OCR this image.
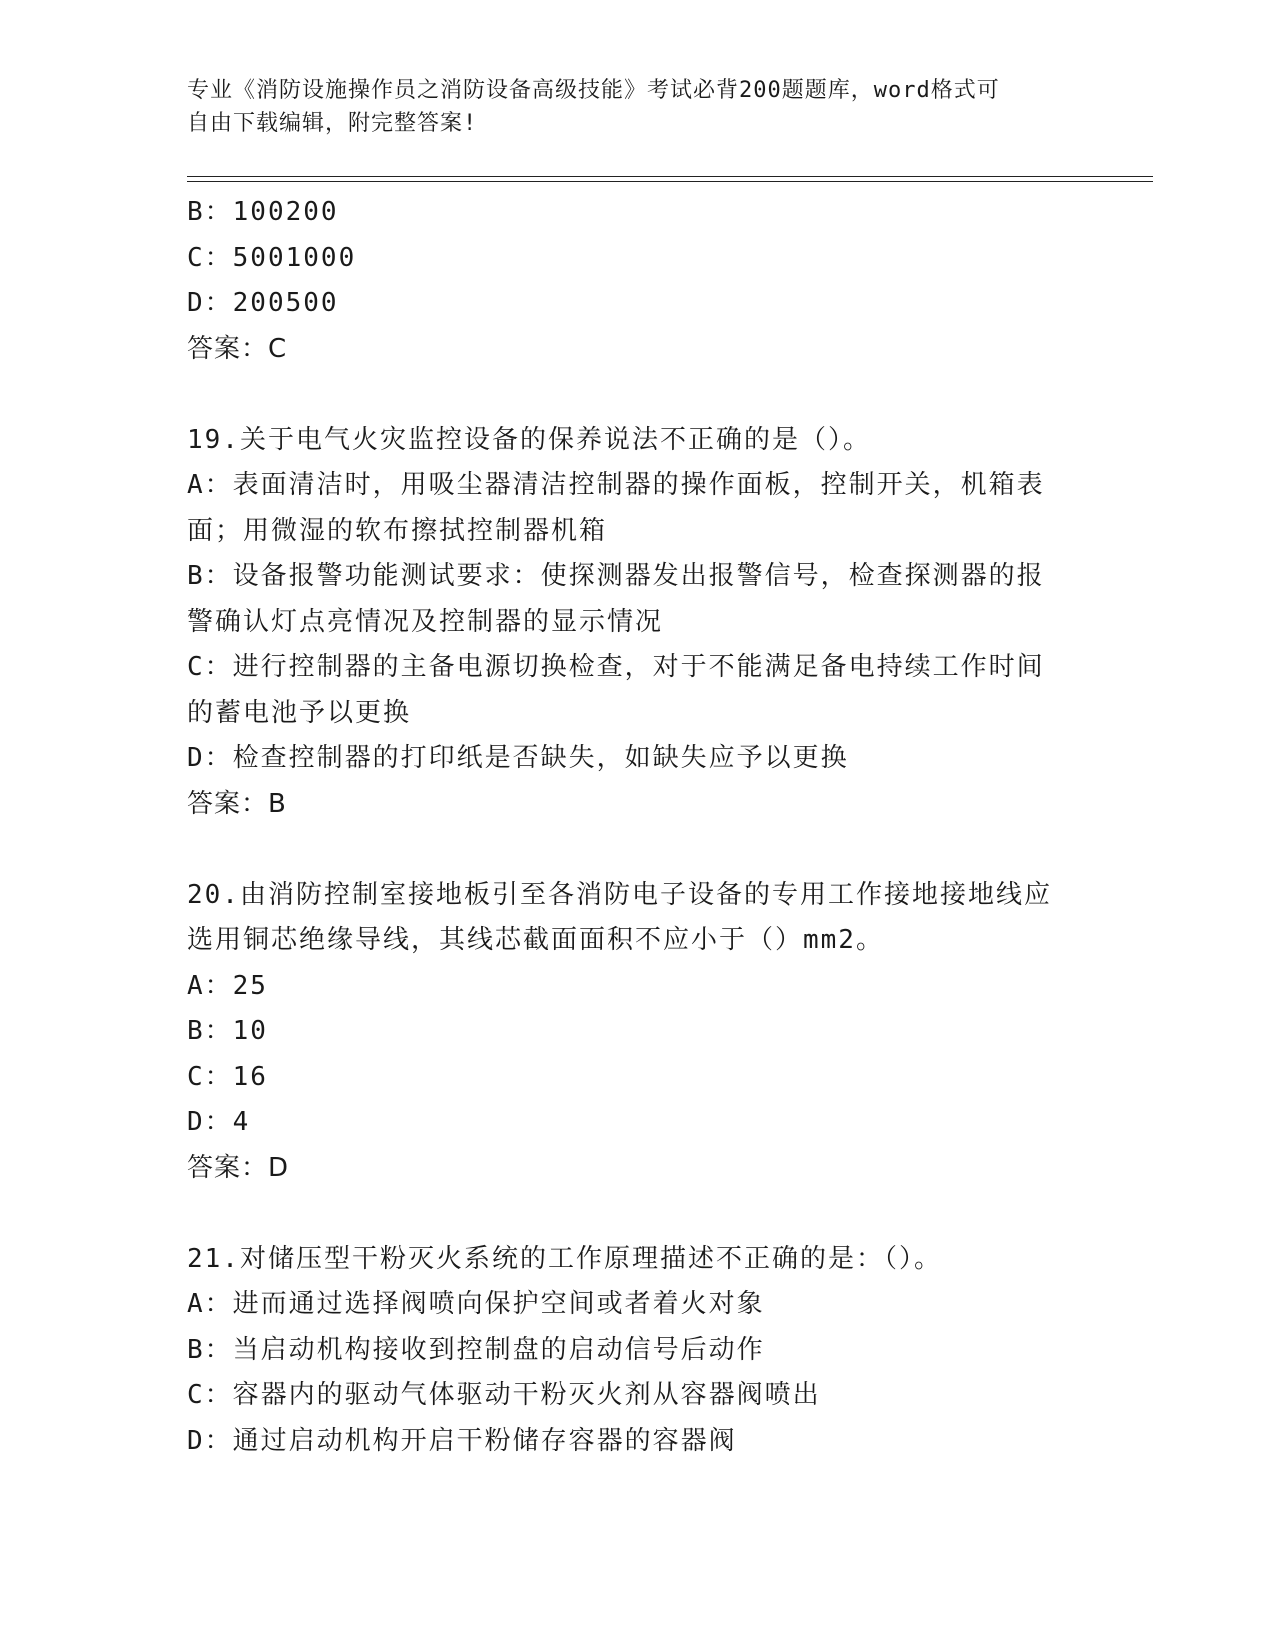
专业《消防设施操作员之消防设备高级技能》考试必背200题题库，word格式可
自由下载编辑，附完整答案!
B：100200
C：5001000
D：200500
答案：C
19.关于电气火灾监控设备的保养说法不正确的是（）。
A：表面清洁时，用吸尘器清洁控制器的操作面板，控制开关，机箱表
面；用微湿的软布擦拭控制器机箱
B：设备报警功能测试要求：使探测器发出报警信号，检查探测器的报
警确认灯点亮情况及控制器的显示情况
C：进行控制器的主备电源切换检查，对于不能满足备电持续工作时间
的蓄电池予以更换
D：检查控制器的打印纸是否缺失，如缺失应予以更换
答案：B
20.由消防控制室接地板引至各消防电子设备的专用工作接地接地线应
选用铜芯绝缘导线，其线芯截面面积不应小于（）mm2。
A：25
B：10
C：16
D：4
答案：D
21.对储压型干粉灭火系统的工作原理描述不正确的是：（）。
A：进而通过选择阀喷向保护空间或者着火对象
B：当启动机构接收到控制盘的启动信号后动作
C：容器内的驱动气体驱动干粉灭火剂从容器阀喷出
D：通过启动机构开启干粉储存容器的容器阀
